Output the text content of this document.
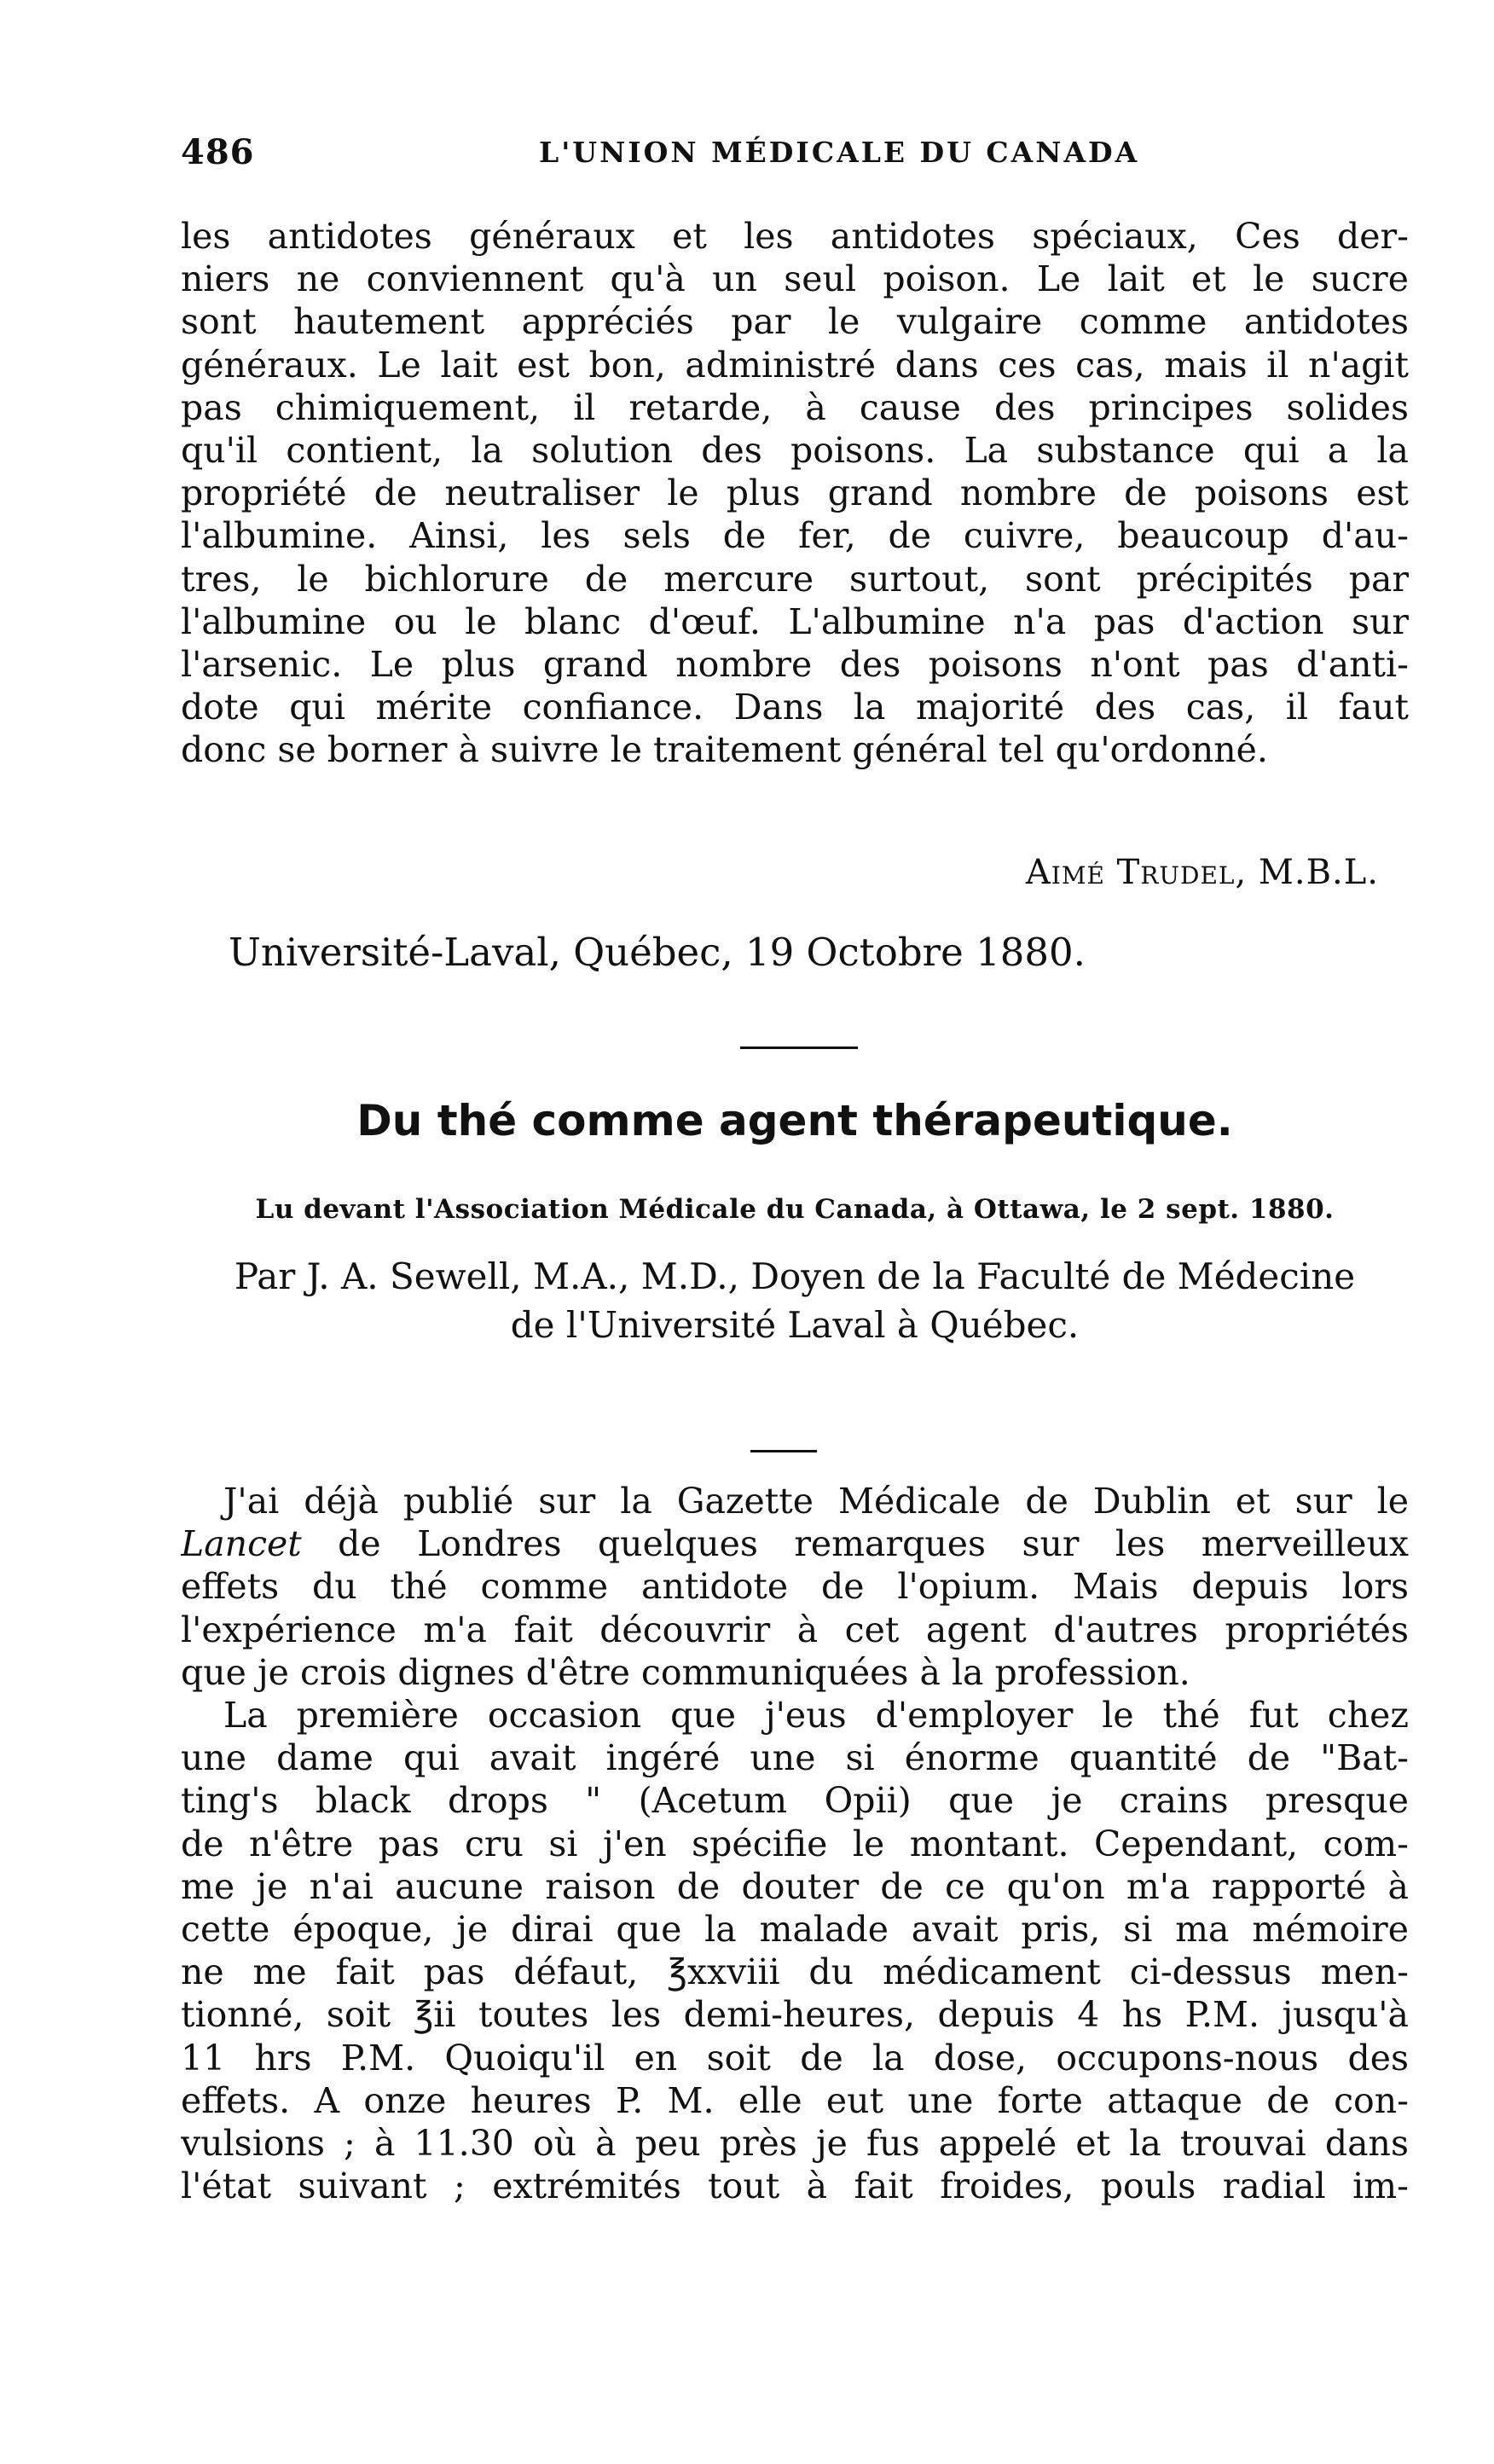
486	L'UNION MÉDICALE DU CANADA
les antidotes généraux et les antidotes spéciaux, Ces der-
niers ne conviennent qu'à un seul poison. Le lait et le sucre
sont hautement appréciés par le vulgaire comme antidotes
généraux. Le lait est bon, administré dans ces cas, mais il n'agit
pas chimiquement, il retarde, à cause des principes solides
qu'il contient, la solution des poisons. La substance qui a la
propriété de neutraliser le plus grand nombre de poisons est
l'albumine. Ainsi, les sels de fer, de cuivre, beaucoup d'au-
tres, le bichlorure de mercure surtout, sont précipités par
l'albumine ou le blanc d'œuf. L'albumine n'a pas d'action sur
l'arsenic. Le plus grand nombre des poisons n'ont pas d'anti-
dote qui mérite confiance. Dans la majorité des cas, il faut
donc se borner à suivre le traitement général tel qu'ordonné.
Aimé Trudel, M.B.L.
Université-Laval, Québec, 19 Octobre 1880.
Du thé comme agent thérapeutique.
Lu devant l'Association Médicale du Canada, à Ottawa, le 2 sept. 1880.
Par J. A. Sewell, M.A., M.D., Doyen de la Faculté de Médecine
de l'Université Laval à Québec.
J'ai déjà publié sur la Gazette Médicale de Dublin et sur le
Lancet de Londres quelques remarques sur les merveilleux
effets du thé comme antidote de l'opium. Mais depuis lors
l'expérience m'a fait découvrir à cet agent d'autres propriétés
que je crois dignes d'être communiquées à la profession.
La première occasion que j'eus d'employer le thé fut chez
une dame qui avait ingéré une si énorme quantité de "Bat-
ting's black drops " (Acetum Opii) que je crains presque
de n'être pas cru si j'en spécifie le montant. Cependant, com-
me je n'ai aucune raison de douter de ce qu'on m'a rapporté à
cette époque, je dirai que la malade avait pris, si ma mémoire
ne me fait pas défaut, ℥xxviii du médicament ci-dessus men-
tionné, soit ℥ii toutes les demi-heures, depuis 4 hs P.M. jusqu'à
11 hrs P.M. Quoiqu'il en soit de la dose, occupons-nous des
effets. A onze heures P. M. elle eut une forte attaque de con-
vulsions ; à 11.30 où à peu près je fus appelé et la trouvai dans
l'état suivant ; extrémités tout à fait froides, pouls radial im-
